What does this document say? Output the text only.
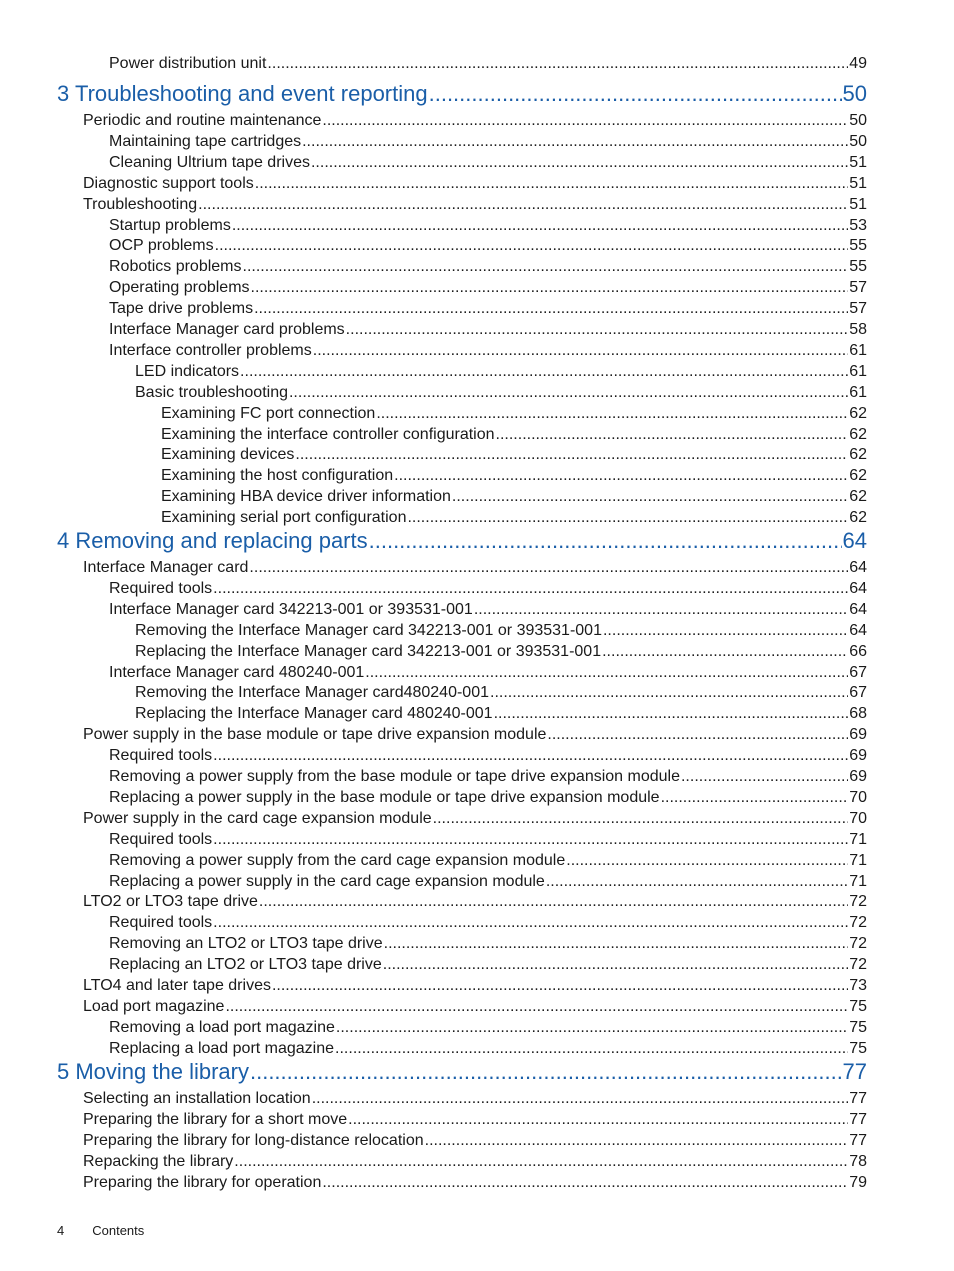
Power distribution unit .....	49
3 Troubleshooting and event reporting .....	50
Periodic and routine maintenance .....	50
Maintaining tape cartridges .....	50
Cleaning Ultrium tape drives .....	51
Diagnostic support tools .....	51
Troubleshooting .....	51
Startup problems .....	53
OCP problems .....	55
Robotics problems .....	55
Operating problems .....	57
Tape drive problems .....	57
Interface Manager card problems .....	58
Interface controller problems .....	61
LED indicators .....	61
Basic troubleshooting .....	61
Examining FC port connection .....	62
Examining the interface controller configuration .....	62
Examining devices .....	62
Examining the host configuration .....	62
Examining HBA device driver information .....	62
Examining serial port configuration .....	62
4 Removing and replacing parts .....	64
Interface Manager card .....	64
Required tools .....	64
Interface Manager card 342213-001 or 393531-001 .....	64
Removing the Interface Manager card 342213-001 or 393531-001 .....	64
Replacing the Interface Manager card 342213-001 or 393531-001 .....	66
Interface Manager card 480240-001 .....	67
Removing the Interface Manager card480240-001 .....	67
Replacing the Interface Manager card 480240-001 .....	68
Power supply in the base module or tape drive expansion module .....	69
Required tools .....	69
Removing a power supply from the base module or tape drive expansion module .....	69
Replacing a power supply in the base module or tape drive expansion module .....	70
Power supply in the card cage expansion module .....	70
Required tools .....	71
Removing a power supply from the card cage expansion module .....	71
Replacing a power supply in the card cage expansion module .....	71
LTO2 or LTO3 tape drive .....	72
Required tools .....	72
Removing an LTO2 or LTO3 tape drive .....	72
Replacing an LTO2 or LTO3 tape drive .....	72
LTO4 and later tape drives .....	73
Load port magazine .....	75
Removing a load port magazine .....	75
Replacing a load port magazine .....	75
5 Moving the library .....	77
Selecting an installation location .....	77
Preparing the library for a short move .....	77
Preparing the library for long-distance relocation .....	77
Repacking the library .....	78
Preparing the library for operation .....	79
4 Contents
